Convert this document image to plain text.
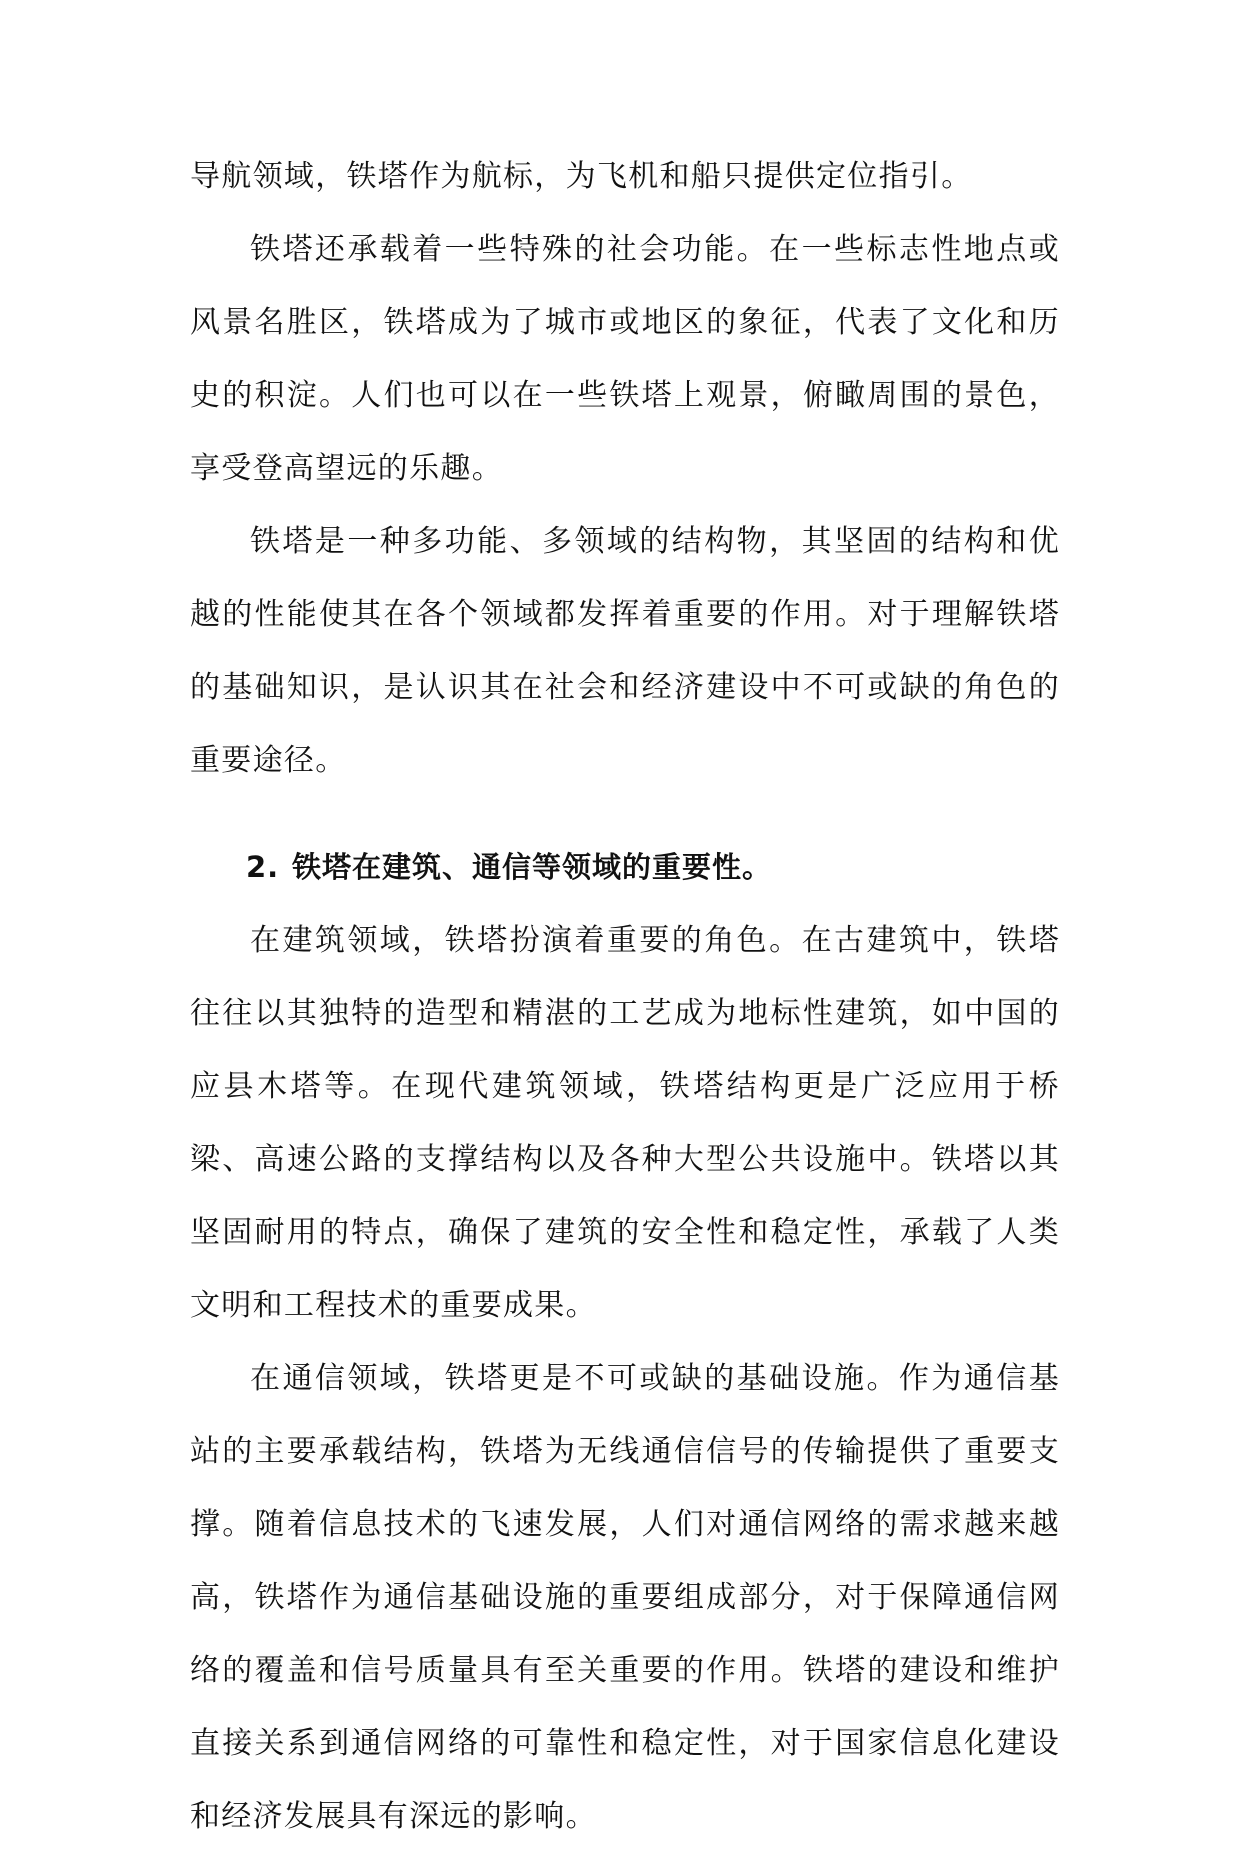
导航领域，铁塔作为航标，为飞机和船只提供定位指引。

铁塔还承载着一些特殊的社会功能。在一些标志性地点或风景名胜区，铁塔成为了城市或地区的象征，代表了文化和历史的积淀。人们也可以在一些铁塔上观景，俯瞰周围的景色，享受登高望远的乐趣。

铁塔是一种多功能、多领域的结构物，其坚固的结构和优越的性能使其在各个领域都发挥着重要的作用。对于理解铁塔的基础知识，是认识其在社会和经济建设中不可或缺的角色的重要途径。

2. 铁塔在建筑、通信等领域的重要性。

在建筑领域，铁塔扮演着重要的角色。在古建筑中，铁塔往往以其独特的造型和精湛的工艺成为地标性建筑，如中国的应县木塔等。在现代建筑领域，铁塔结构更是广泛应用于桥梁、高速公路的支撑结构以及各种大型公共设施中。铁塔以其坚固耐用的特点，确保了建筑的安全性和稳定性，承载了人类文明和工程技术的重要成果。

在通信领域，铁塔更是不可或缺的基础设施。作为通信基站的主要承载结构，铁塔为无线通信信号的传输提供了重要支撑。随着信息技术的飞速发展，人们对通信网络的需求越来越高，铁塔作为通信基础设施的重要组成部分，对于保障通信网络的覆盖和信号质量具有至关重要的作用。铁塔的建设和维护直接关系到通信网络的可靠性和稳定性，对于国家信息化建设和经济发展具有深远的影响。
